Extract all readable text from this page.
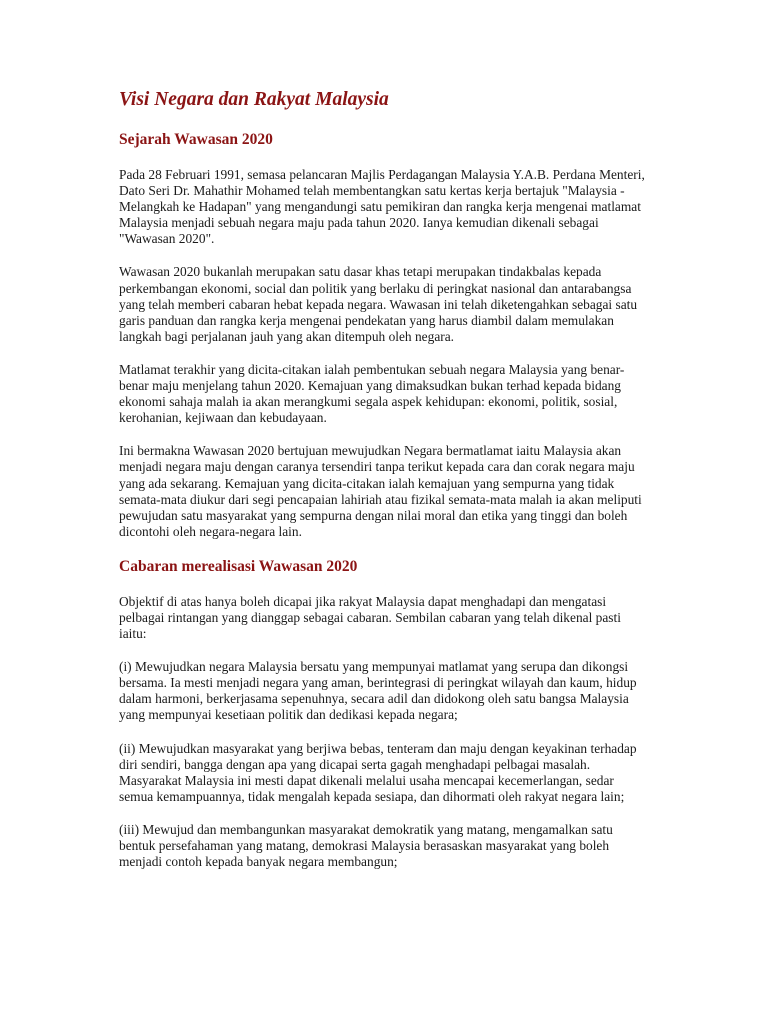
Visi Negara dan Rakyat Malaysia
Sejarah Wawasan 2020

Pada 28 Februari 1991, semasa pelancaran Majlis Perdagangan Malaysia Y.A.B. Perdana Menteri, Dato Seri Dr. Mahathir Mohamed telah membentangkan satu kertas kerja bertajuk "Malaysia - Melangkah ke Hadapan" yang mengandungi satu pemikiran dan rangka kerja mengenai matlamat Malaysia menjadi sebuah negara maju pada tahun 2020. Ianya kemudian dikenali sebagai "Wawasan 2020".

Wawasan 2020 bukanlah merupakan satu dasar khas tetapi merupakan tindakbalas kepada perkembangan ekonomi, social dan politik yang berlaku di peringkat nasional dan antarabangsa yang telah memberi cabaran hebat kepada negara. Wawasan ini telah diketengahkan sebagai satu garis panduan dan rangka kerja mengenai pendekatan yang harus diambil dalam memulakan langkah bagi perjalanan jauh yang akan ditempuh oleh negara.

Matlamat terakhir yang dicita-citakan ialah pembentukan sebuah negara Malaysia yang benar-benar maju menjelang tahun 2020. Kemajuan yang dimaksudkan bukan terhad kepada bidang ekonomi sahaja malah ia akan merangkumi segala aspek kehidupan: ekonomi, politik, sosial, kerohanian, kejiwaan dan kebudayaan.

Ini bermakna Wawasan 2020 bertujuan mewujudkan Negara bermatlamat iaitu Malaysia akan menjadi negara maju dengan caranya tersendiri tanpa terikut kepada cara dan corak negara maju yang ada sekarang. Kemajuan yang dicita-citakan ialah kemajuan yang sempurna yang tidak semata-mata diukur dari segi pencapaian lahiriah atau fizikal semata-mata malah ia akan meliputi pewujudan satu masyarakat yang sempurna dengan nilai moral dan etika yang tinggi dan boleh dicontohi oleh negara-negara lain.

Cabaran merealisasi Wawasan 2020

Objektif di atas hanya boleh dicapai jika rakyat Malaysia dapat menghadapi dan mengatasi pelbagai rintangan yang dianggap sebagai cabaran. Sembilan cabaran yang telah dikenal pasti iaitu:

(i) Mewujudkan negara Malaysia bersatu yang mempunyai matlamat yang serupa dan dikongsi bersama. Ia mesti menjadi negara yang aman, berintegrasi di peringkat wilayah dan kaum, hidup dalam harmoni, berkerjasama sepenuhnya, secara adil dan didokong oleh satu bangsa Malaysia yang mempunyai kesetiaan politik dan dedikasi kepada negara;

(ii) Mewujudkan masyarakat yang berjiwa bebas, tenteram dan maju dengan keyakinan terhadap diri sendiri, bangga dengan apa yang dicapai serta gagah menghadapi pelbagai masalah. Masyarakat Malaysia ini mesti dapat dikenali melalui usaha mencapai kecemerlangan, sedar semua kemampuannya, tidak mengalah kepada sesiapa, dan dihormati oleh rakyat negara lain;

(iii) Mewujud dan membangunkan masyarakat demokratik yang matang, mengamalkan satu bentuk persefahaman yang matang, demokrasi Malaysia berasaskan masyarakat yang boleh menjadi contoh kepada banyak negara membangun;
